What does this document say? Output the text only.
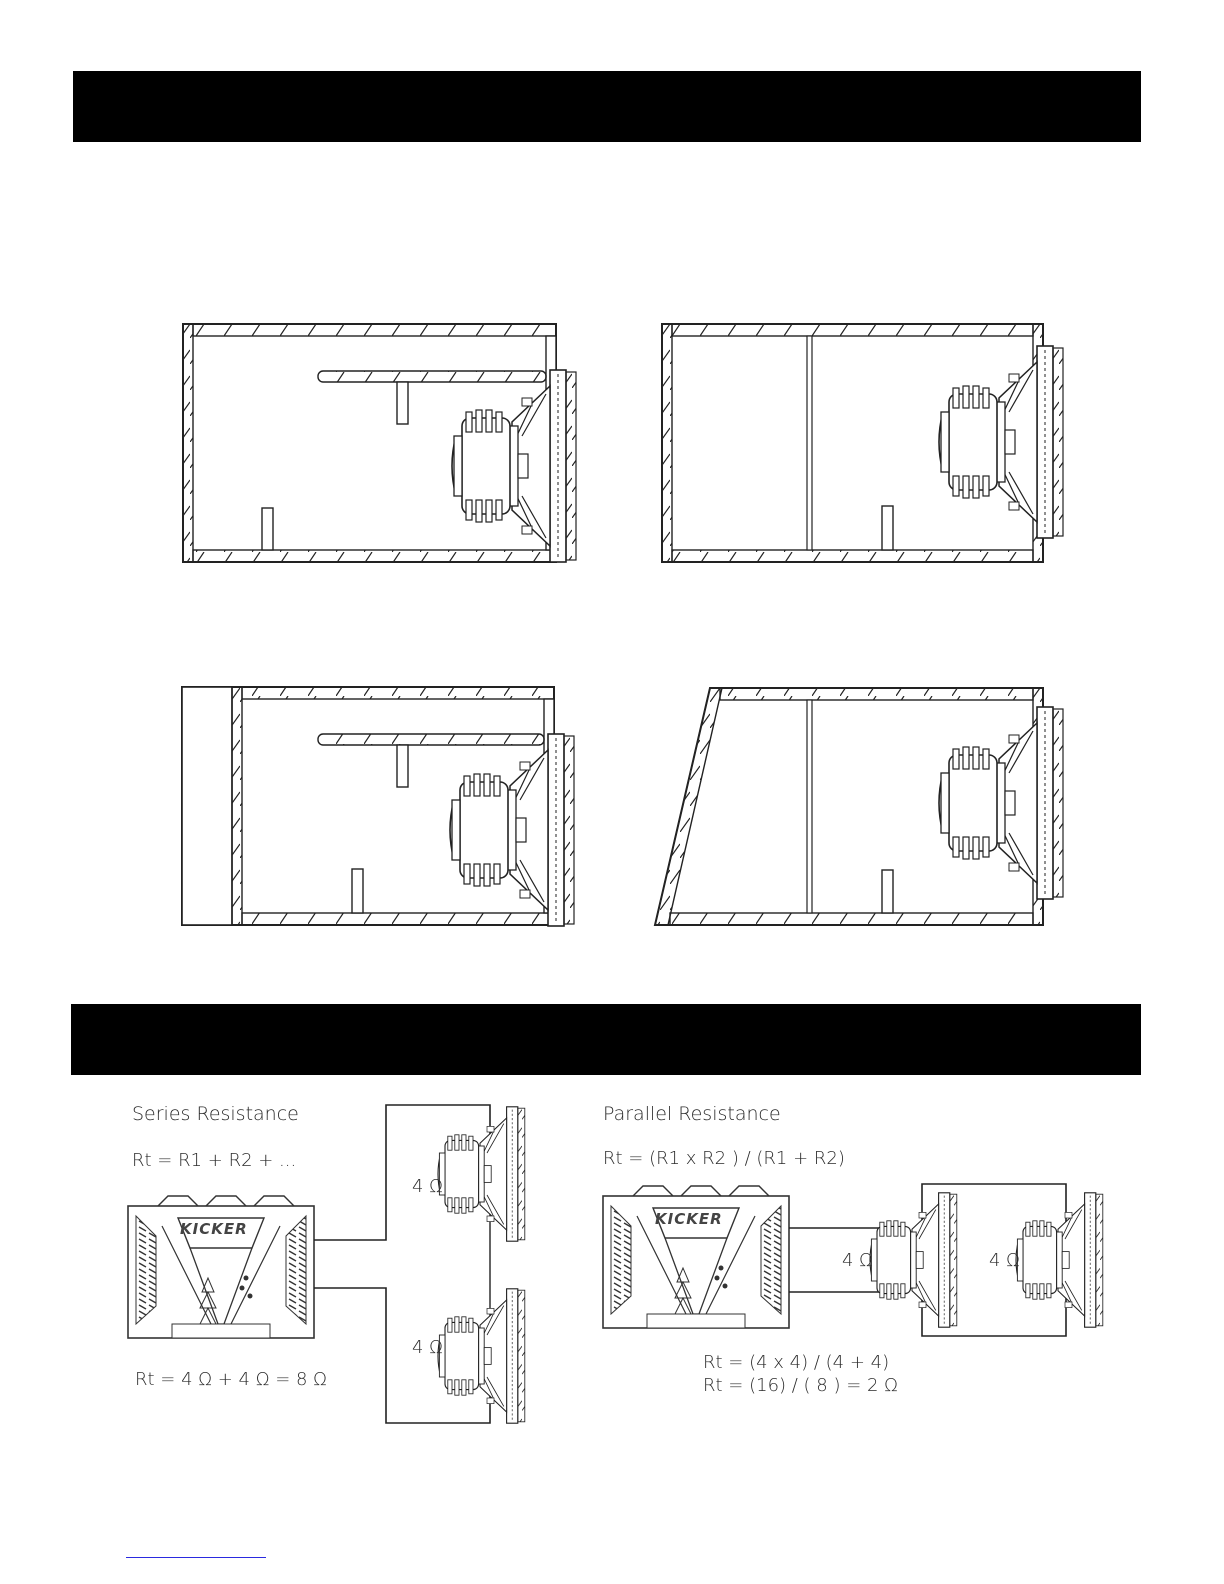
KICKER
KICKER
Series Resistance
Rt = R1 + R2 + ...
4 Ω
4 Ω
Rt = 4 Ω + 4 Ω = 8 Ω
Parallel Resistance
Rt = (R1 x R2 ) / (R1 + R2)
4 Ω	4 Ω
Rt = (4 x 4) / (4 + 4)
Rt = (16) / ( 8 ) = 2 Ω
